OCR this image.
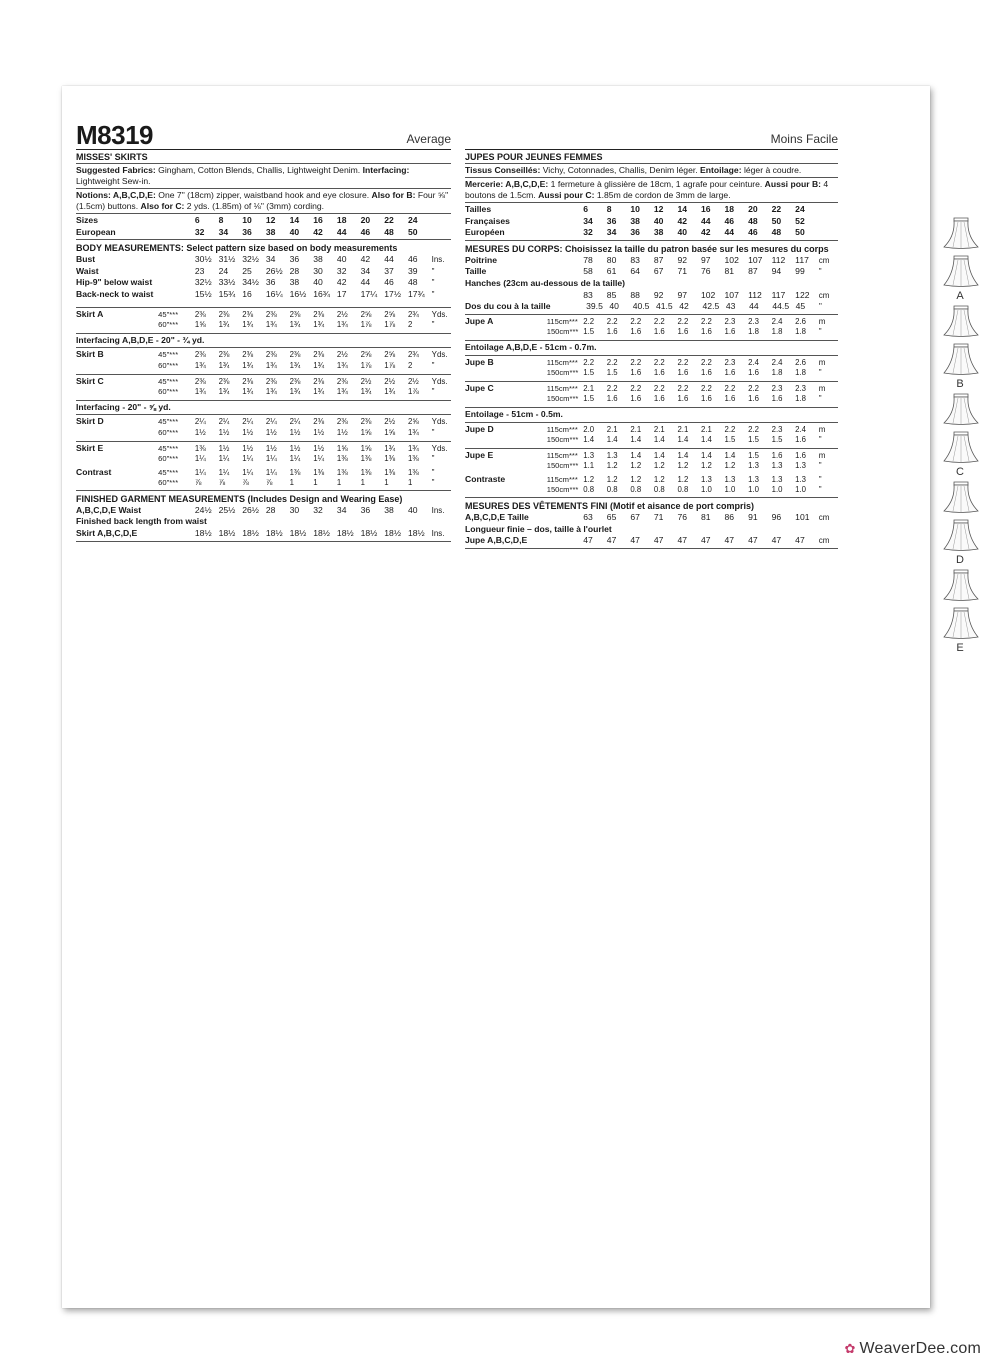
M8319	Average
MISSES' SKIRTS
Suggested Fabrics: Gingham, Cotton Blends, Challis, Lightweight Denim. Interfacing: Lightweight Sew-in.
Notions: A,B,C,D,E: One 7" (18cm) zipper, waistband hook and eye closure. Also for B: Four ⅝" (1.5cm) buttons. Also for C: 2 yds. (1.85m) of ⅛" (3mm) cording.
Sizes	6	8	10	12	14	16	18	20	22	24
European	32	34	36	38	40	42	44	46	48	50
BODY MEASUREMENTS: Select pattern size based on body measurements
Bust	30½ 31½ 32½ 34	36	38	40	42	44	46	Ins.
Waist	23	24	25	26½ 28	30	32	34	37	39	"
Hip-9" below waist	32½ 33½ 34½ 36	38	40	42	44	46	48	"
Back-neck to waist	15½ 15¾ 16	16¼ 16½ 16¾ 17	17¼ 17½ 17¾ "
Skirt A	45"***	2⅜	2⅜	2⅜	2⅜	2⅜	2⅜	2½	2⅝	2⅝	2¾	Yds.
60"***	1⅝	1¾	1¾	1¾	1¾	1¾	1¾	1⅞	1⅞	2	"
Interfacing A,B,D,E - 20" - ¾ yd.
Skirt B	45"***	2⅜	2⅜	2⅜	2⅜	2⅜	2⅜	2½	2⅝	2⅝	2¾	Yds.
60"***	1¾	1¾	1¾	1¾	1¾	1¾	1¾	1⅞	1⅞	2	"
Skirt C	45"***	2⅜	2⅜	2⅜	2⅜	2⅜	2⅜	2⅜	2½	2½	2½	Yds.
60"***	1¾	1¾	1¾	1¾	1¾	1¾	1¾	1¾	1¾	1⅞	"
Interfacing - 20" - ⅝ yd.
Skirt D	45"***	2¼	2¼	2¼	2¼	2¼	2⅜	2⅜	2⅜	2½	2⅝	Yds.
60"***	1½	1½	1½	1½	1½	1½	1½	1⅝	1⅝	1¾	"
Skirt E	45"***	1⅜	1½	1½	1½	1½	1½	1⅝	1⅝	1¾	1¾	Yds.
60"***	1¼	1¼	1¼	1¼	1¼	1¼	1⅜	1⅜	1⅜	1⅜	"
Contrast	45"***	1¼	1¼	1¼	1¼	1⅜	1⅜	1⅜	1⅜	1⅜	1⅜	"
60"***	⅞	⅞	⅞	⅞	1	1	1	1	1	1	"
FINISHED GARMENT MEASUREMENTS (Includes Design and Wearing Ease)
A,B,C,D,E Waist	24½ 25½ 26½ 28	30	32	34	36	38	40	Ins.
Finished back length from waist
Skirt A,B,C,D,E	18½ 18½ 18½ 18½ 18½ 18½ 18½ 18½ 18½ 18½ Ins.
Moins Facile
JUPES POUR JEUNES FEMMES
Tissus Conseillés: Vichy, Cotonnades, Challis, Denim léger. Entoilage: léger à coudre.
Mercerie: A,B,C,D,E: 1 fermeture à glissière de 18cm, 1 agrafe pour ceinture. Aussi pour B: 4 boutons de 1.5cm. Aussi pour C: 1.85m de cordon de 3mm de large.
Tailles	6	8	10	12	14	16	18	20	22	24
Françaises	34	36	38	40	42	44	46	48	50	52
Européen	32	34	36	38	40	42	44	46	48	50
MESURES DU CORPS: Choisissez la taille du patron basée sur les mesures du corps
Poitrine	78	80	83	87	92	97	102	107	112	117	cm
Taille	58	61	64	67	71	76	81	87	94	99	"
Hanches (23cm au-dessous de la taille)
83	85	88	92	97	102	107	112	117	122	cm
Dos du cou à la taille	39.5 40	40.5 41.5 42	42.5 43	44	44.5 45	"
Jupe A	115cm*** 2.2	2.2	2.2	2.2	2.2	2.2	2.3	2.3	2.4	2.6	m
150cm*** 1.5	1.6	1.6	1.6	1.6	1.6	1.6	1.8	1.8	1.8	"
Entoilage A,B,D,E - 51cm - 0.7m.
Jupe B	115cm*** 2.2	2.2	2.2	2.2	2.2	2.2	2.3	2.4	2.4	2.6	m
150cm*** 1.5	1.5	1.6	1.6	1.6	1.6	1.6	1.6	1.8	1.8	"
Jupe C	115cm*** 2.1	2.2	2.2	2.2	2.2	2.2	2.2	2.2	2.3	2.3	m
150cm*** 1.5	1.6	1.6	1.6	1.6	1.6	1.6	1.6	1.6	1.8	"
Entoilage - 51cm - 0.5m.
Jupe D	115cm*** 2.0	2.1	2.1	2.1	2.1	2.1	2.2	2.2	2.3	2.4	m
150cm*** 1.4	1.4	1.4	1.4	1.4	1.4	1.5	1.5	1.5	1.6	"
Jupe E	115cm*** 1.3	1.3	1.4	1.4	1.4	1.4	1.4	1.5	1.6	1.6	m
150cm*** 1.1	1.2	1.2	1.2	1.2	1.2	1.2	1.3	1.3	1.3	"
Contraste	115cm*** 1.2	1.2	1.2	1.2	1.2	1.3	1.3	1.3	1.3	1.3	"
150cm*** 0.8	0.8	0.8	0.8	0.8	1.0	1.0	1.0	1.0	1.0	"
MESURES DES VÊTEMENTS FINI (Motif et aisance de port compris)
A,B,C,D,E Taille	63	65	67	71	76	81	86	91	96	101	cm
Longueur finie – dos, taille à l'ourlet
Jupe A,B,C,D,E	47	47	47	47	47	47	47	47	47	47	cm
A
B
C
D
E
✿ WeaverDee.com
